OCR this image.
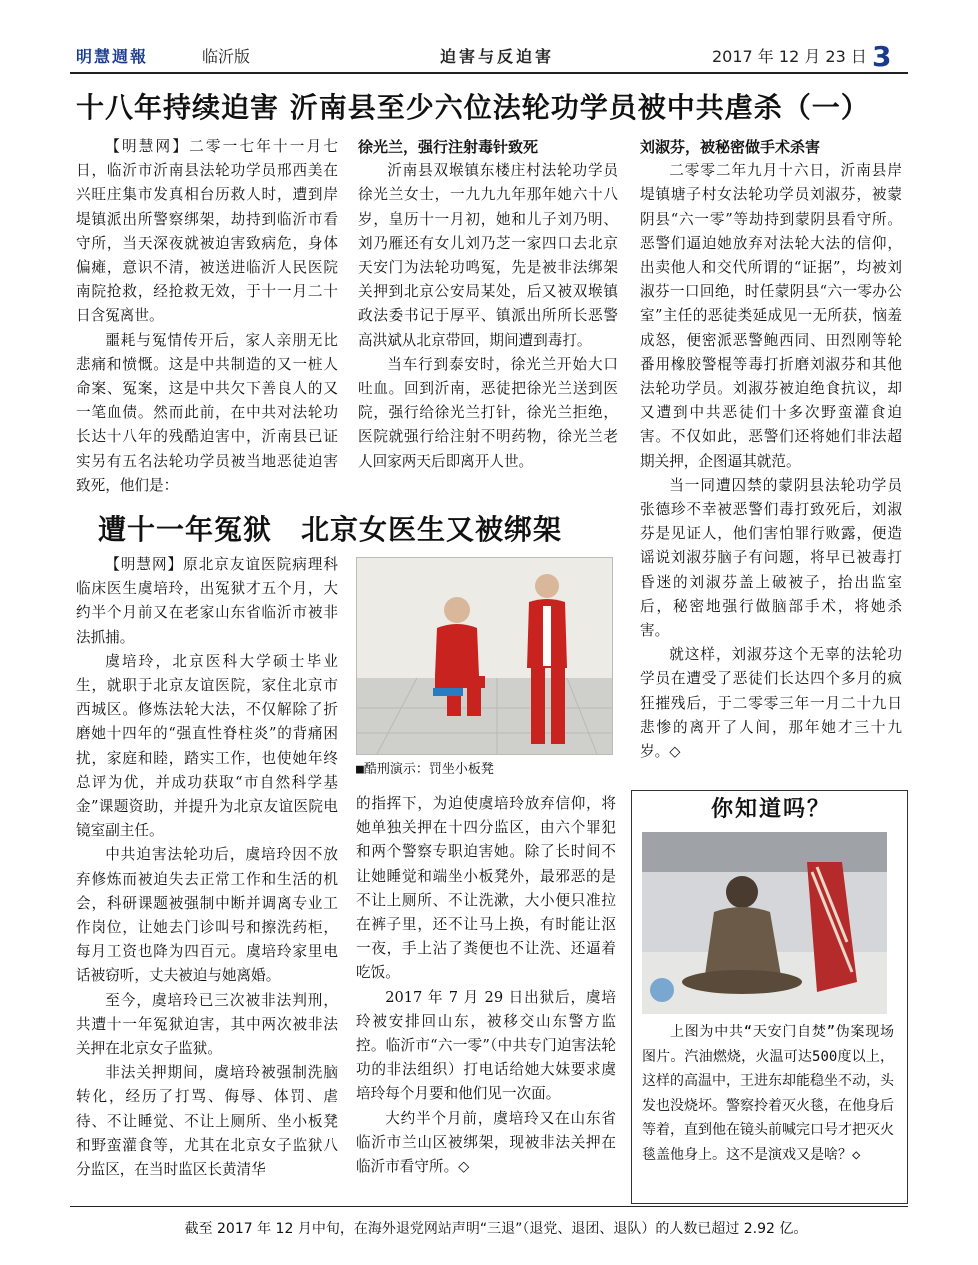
明慧週報	临沂版	迫害与反迫害	2017 年 12 月 23 日 3
十八年持续迫害 沂南县至少六位法轮功学员被中共虐杀（一）

【明慧网】二零一七年十一月七日，临沂市沂南县法轮功学员邢西美在兴旺庄集市发真相台历救人时，遭到岸堤镇派出所警察绑架，劫持到临沂市看守所，当天深夜就被迫害致病危，身体偏瘫，意识不清，被送进临沂人民医院南院抢救，经抢救无效，于十一月二十日含冤离世。

噩耗与冤情传开后，家人亲朋无比悲痛和愤慨。这是中共制造的又一桩人命案、冤案，这是中共欠下善良人的又一笔血债。然而此前，在中共对法轮功长达十八年的残酷迫害中，沂南县已证实另有五名法轮功学员被当地恶徒迫害致死，他们是：

徐光兰，强行注射毒针致死

沂南县双堠镇东楼庄村法轮功学员徐光兰女士，一九九九年那年她六十八岁，皇历十一月初，她和儿子刘乃明、刘乃雁还有女儿刘乃芝一家四口去北京天安门为法轮功鸣冤，先是被非法绑架关押到北京公安局某处，后又被双堠镇政法委书记于厚平、镇派出所所长恶警高洪斌从北京带回，期间遭到毒打。

当车行到泰安时，徐光兰开始大口吐血。回到沂南，恶徒把徐光兰送到医院，强行给徐光兰打针，徐光兰拒绝，医院就强行给注射不明药物，徐光兰老人回家两天后即离开人世。

刘淑芬，被秘密做手术杀害

二零零二年九月十六日，沂南县岸堤镇塘子村女法轮功学员刘淑芬，被蒙阴县“六一零”等劫持到蒙阴县看守所。恶警们逼迫她放弃对法轮大法的信仰，出卖他人和交代所谓的“证据”，均被刘淑芬一口回绝，时任蒙阴县“六一零办公室”主任的恶徒类延成见一无所获，恼羞成怒，便密派恶警鲍西同、田烈刚等轮番用橡胶警棍等毒打折磨刘淑芬和其他法轮功学员。刘淑芬被迫绝食抗议，却又遭到中共恶徒们十多次野蛮灌食迫害。不仅如此，恶警们还将她们非法超期关押，企图逼其就范。

当一同遭囚禁的蒙阴县法轮功学员张德珍不幸被恶警们毒打致死后，刘淑芬是见证人，他们害怕罪行败露，便造谣说刘淑芬脑子有问题，将早已被毒打昏迷的刘淑芬盖上破被子，抬出监室后，秘密地强行做脑部手术，将她杀害。

就这样，刘淑芬这个无辜的法轮功学员在遭受了恶徒们长达四个多月的疯狂摧残后，于二零零三年一月二十九日悲惨的离开了人间，那年她才三十九岁。◇

遭十一年冤狱　北京女医生又被绑架

【明慧网】原北京友谊医院病理科临床医生虞培玲，出冤狱才五个月，大约半个月前又在老家山东省临沂市被非法抓捕。

虞培玲，北京医科大学硕士毕业生，就职于北京友谊医院，家住北京市西城区。修炼法轮大法，不仅解除了折磨她十四年的“强直性脊柱炎”的背痛困扰，家庭和睦，踏实工作，也使她年终总评为优，并成功获取“市自然科学基金”课题资助，并提升为北京友谊医院电镜室副主任。

中共迫害法轮功后，虞培玲因不放弃修炼而被迫失去正常工作和生活的机会，科研课题被强制中断并调离专业工作岗位，让她去门诊叫号和擦洗药柜，每月工资也降为四百元。虞培玲家里电话被窃听，丈夫被迫与她离婚。

至今，虞培玲已三次被非法判刑，共遭十一年冤狱迫害，其中两次被非法关押在北京女子监狱。

非法关押期间，虞培玲被强制洗脑转化，经历了打骂、侮辱、体罚、虐待、不让睡觉、不让上厕所、坐小板凳和野蛮灌食等，尤其在北京女子监狱八分监区，在当时监区长黄清华

■酷刑演示：罚坐小板凳

的指挥下，为迫使虞培玲放弃信仰，将她单独关押在十四分监区，由六个罪犯和两个警察专职迫害她。除了长时间不让她睡觉和端坐小板凳外，最邪恶的是不让上厕所、不让洗漱，大小便只准拉在裤子里，还不让马上换，有时能让沤一夜，手上沾了粪便也不让洗、还逼着吃饭。

2017 年 7 月 29 日出狱后，虞培玲被安排回山东，被移交山东警方监控。临沂市“六一零”（中共专门迫害法轮功的非法组织）打电话给她大妹要求虞培玲每个月要和他们见一次面。

大约半个月前，虞培玲又在山东省临沂市兰山区被绑架，现被非法关押在临沂市看守所。◇

你知道吗？

上图为中共“天安门自焚”伪案现场图片。汽油燃烧，火温可达500度以上，这样的高温中，王进东却能稳坐不动，头发也没烧坏。警察拎着灭火毯，在他身后等着，直到他在镜头前喊完口号才把灭火毯盖他身上。这不是演戏又是啥？◇

截至 2017 年 12 月中旬，在海外退党网站声明“三退”（退党、退团、退队）的人数已超过 2.92 亿。
